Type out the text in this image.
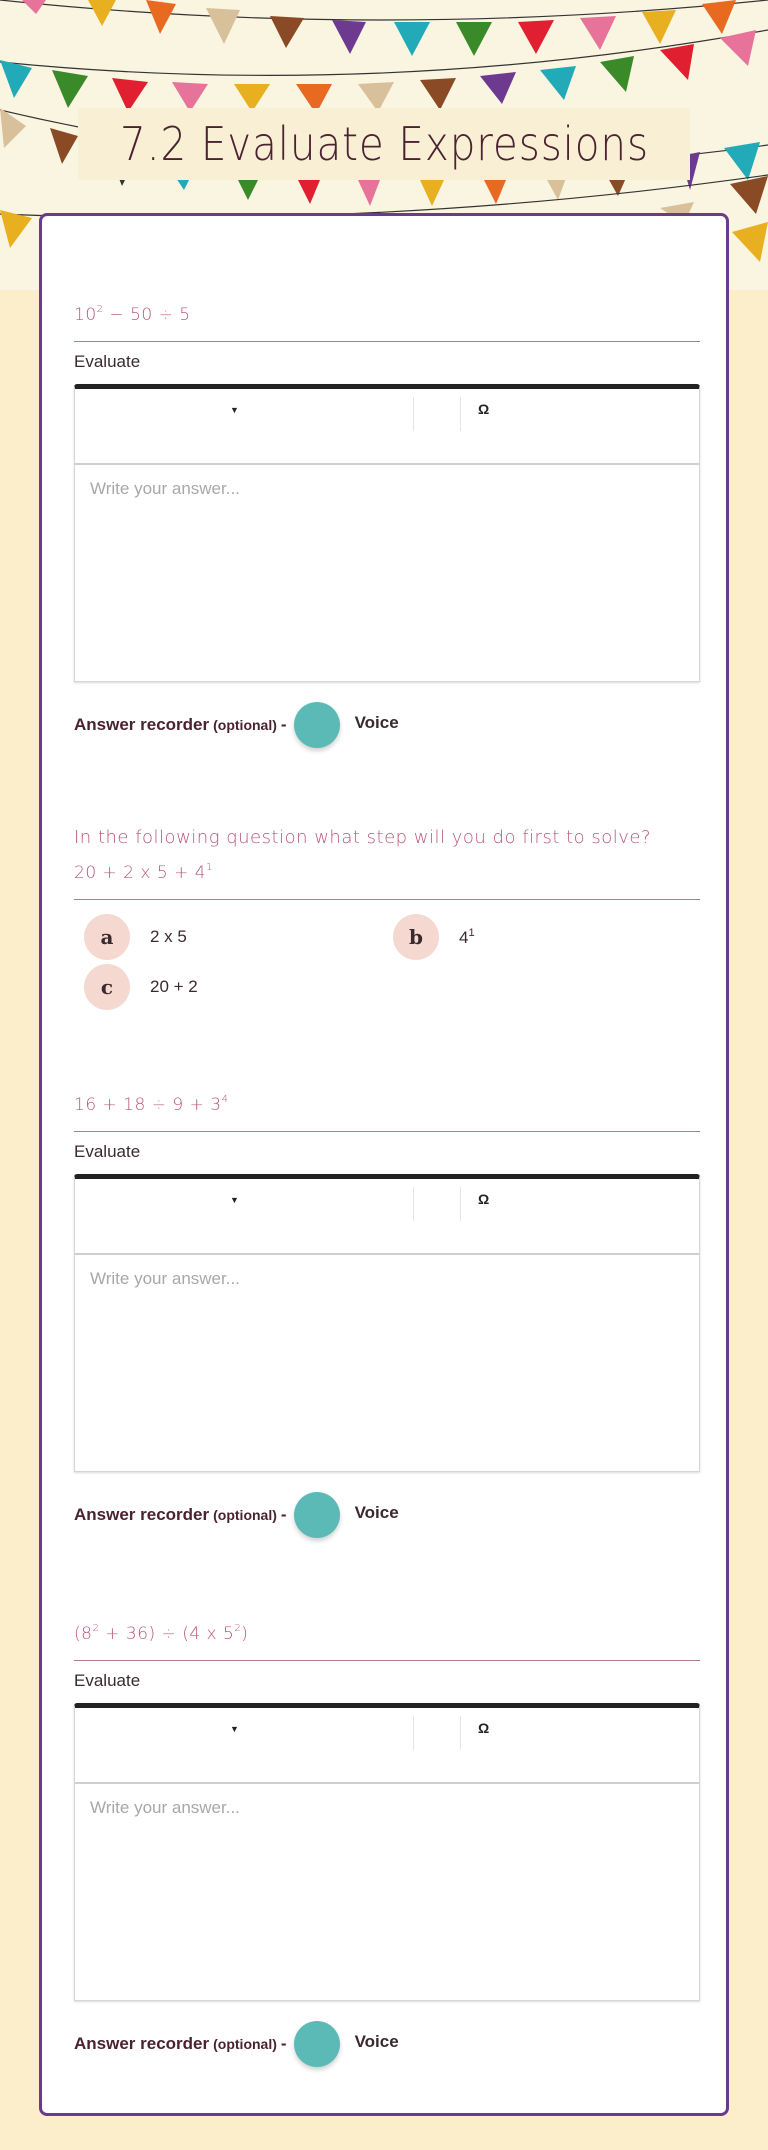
7.2 Evaluate Expressions
$10^2 - 50 \div 5$
Evaluate
▼	Ω
Write your answer...
Answer recorder (optional) -	Voice
In the following question what step will you do first to solve?
20 + 2 x $5 + 4^1$
a	2 x 5	b	$4^1$
c	20 + 2
$16 + 18 \div 9 + 3^4$
Evaluate
▼	Ω
Write your answer...
Answer recorder (optional) -	Voice
$(8^2 + 36) \div (4$ x $5^2$)
Evaluate
▼	Ω
Write your answer...
Answer recorder (optional) -	Voice
